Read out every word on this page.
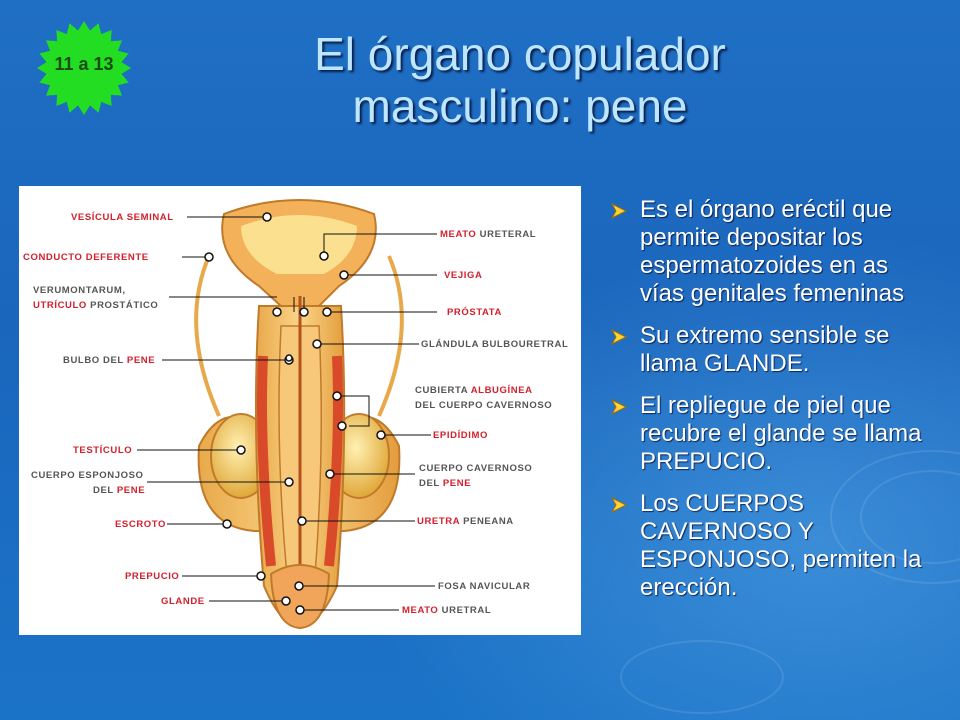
11 a 13	El órgano copulador
masculino: pene
VESÍCULA SEMINAL
CONDUCTO DEFERENTE
VERUMONTARUM,
UTRÍCULO PROSTÁTICO
BULBO DEL PENE
TESTÍCULO
CUERPO ESPONJOSO
DEL PENE
ESCROTO
PREPUCIO
GLANDE
MEATO URETERAL
VEJIGA
PRÓSTATA
GLÁNDULA BULBOURETRAL
CUBIERTA ALBUGÍNEA
DEL CUERPO CAVERNOSO
EPIDÍDIMO
CUERPO CAVERNOSO
DEL PENE
URETRA PENEANA
FOSA NAVICULAR
MEATO URETRAL
Es el órgano eréctil que permite depositar los espermatozoides en as vías genitales femeninas
Su extremo sensible se llama GLANDE.
El repliegue de piel que recubre el glande se llama PREPUCIO.
Los CUERPOS CAVERNOSO Y ESPONJOSO, permiten la erección.
